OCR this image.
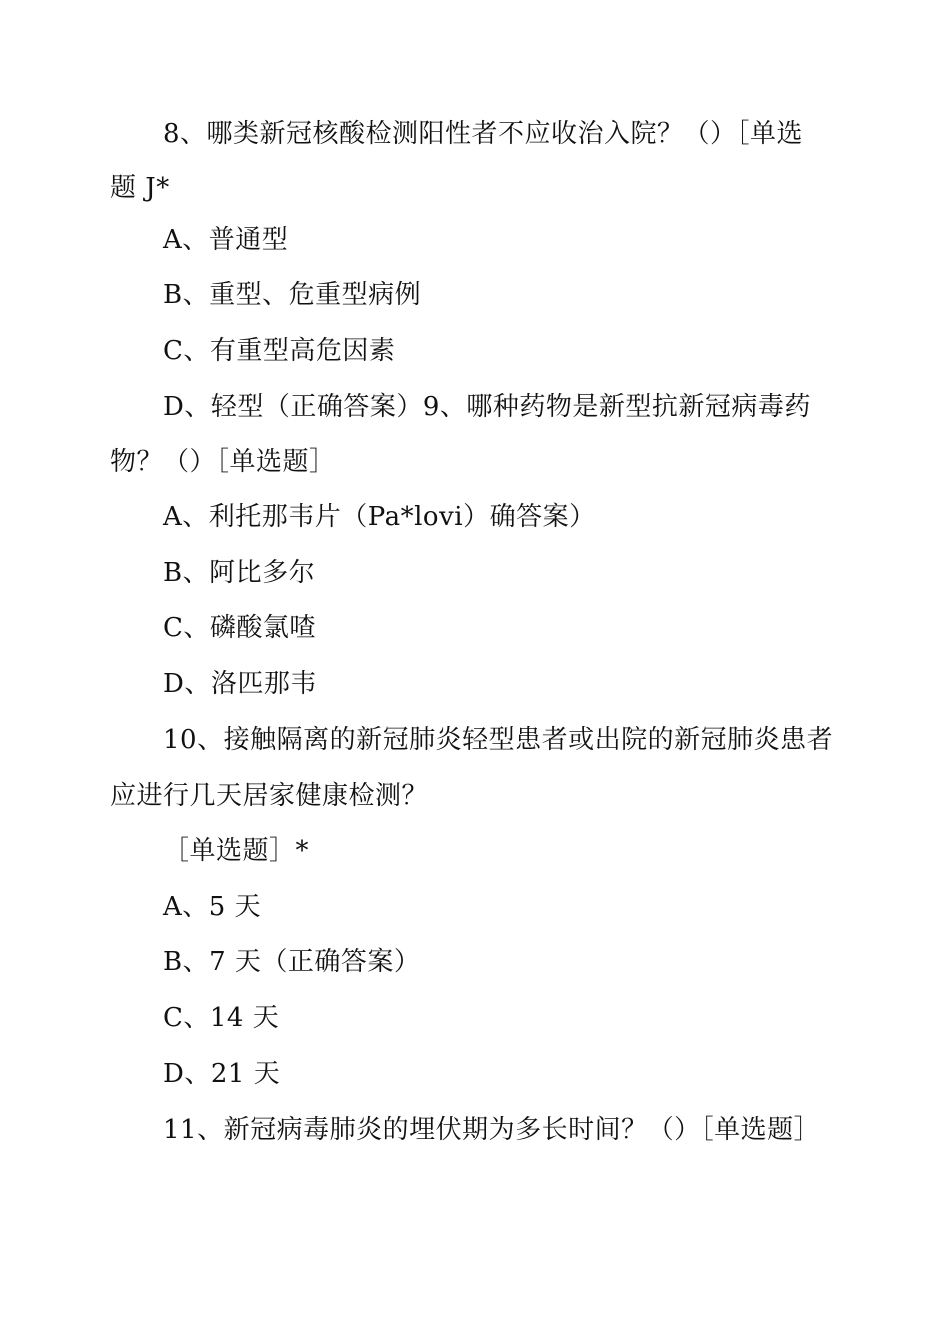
8、哪类新冠核酸检测阳性者不应收治入院？（）［单选
题 J*
A、普通型
B、重型、危重型病例
C、有重型高危因素
D、轻型（正确答案）9、哪种药物是新型抗新冠病毒药
物？（）［单选题］
A、利托那韦片（Pa*lovi）确答案）
B、阿比多尔
C、磷酸氯喳
D、洛匹那韦
10、接触隔离的新冠肺炎轻型患者或出院的新冠肺炎患者
应进行几天居家健康检测？
［单选题］*
A、5 天
B、7 天（正确答案）
C、14 天
D、21 天
11、新冠病毒肺炎的埋伏期为多长时间？（）［单选题］
